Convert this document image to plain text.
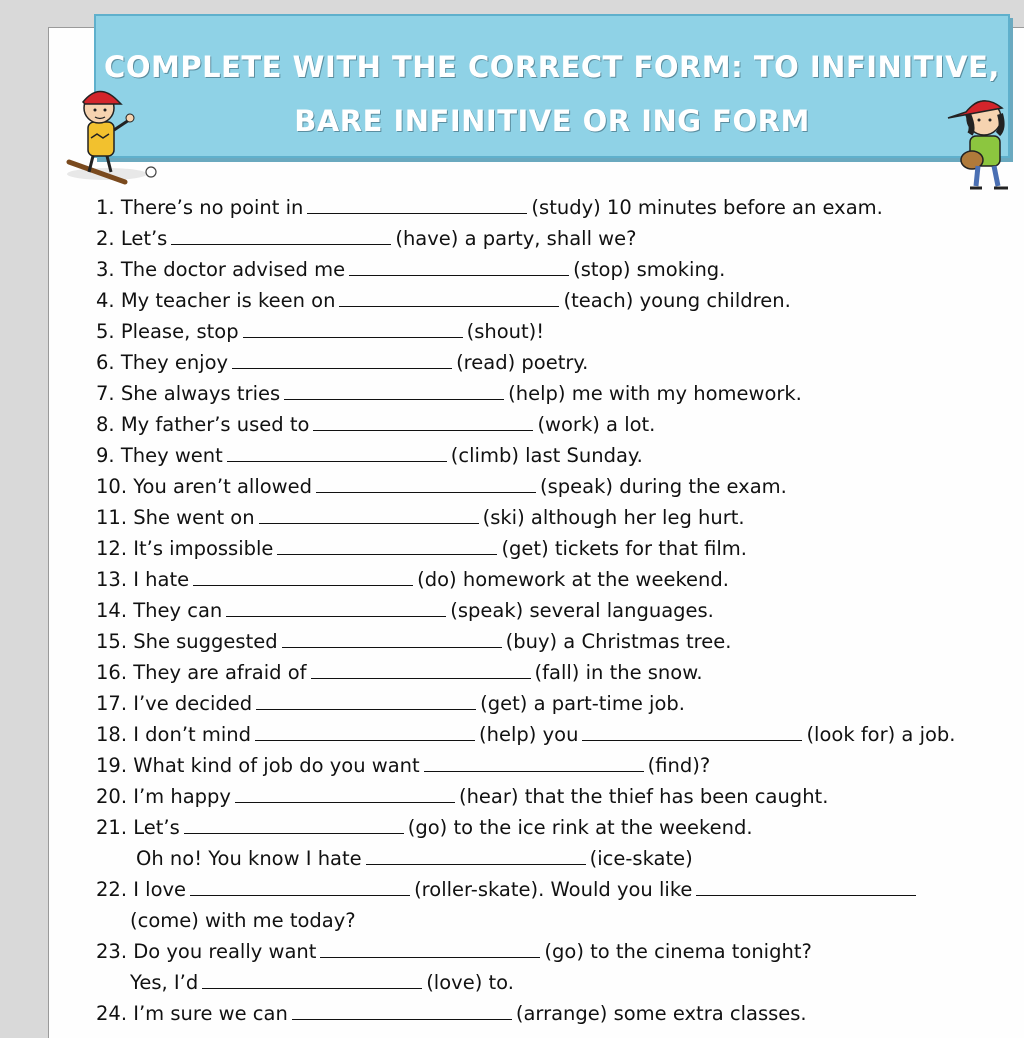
COMPLETE WITH THE CORRECT FORM: TO INFINITIVE,
BARE INFINITIVE OR ING FORM
1. There’s no point in	(study) 10 minutes before an exam.
2. Let’s	(have) a party, shall we?
3. The doctor advised me	(stop) smoking.
4. My teacher is keen on	(teach) young children.
5. Please, stop	(shout)!
6. They enjoy	(read) poetry.
7. She always tries	(help) me with my homework.
8. My father’s used to	(work) a lot.
9. They went	(climb) last Sunday.
10. You aren’t allowed	(speak) during the exam.
11. She went on	(ski) although her leg hurt.
12. It’s impossible	(get) tickets for that film.
13. I hate	(do) homework at the weekend.
14. They can	(speak) several languages.
15. She suggested	(buy) a Christmas tree.
16. They are afraid of	(fall) in the snow.
17. I’ve decided	(get) a part-time job.
18. I don’t mind	(help) you	(look for) a job.
19. What kind of job do you want	(find)?
20. I’m happy	(hear) that the thief has been caught.
21. Let’s	(go) to the ice rink at the weekend.
Oh no! You know I hate	(ice-skate)
22. I love	(roller-skate). Would you like
(come) with me today?
23. Do you really want	(go) to the cinema tonight?
Yes, I’d	(love) to.
24. I’m sure we can	(arrange) some extra classes.
